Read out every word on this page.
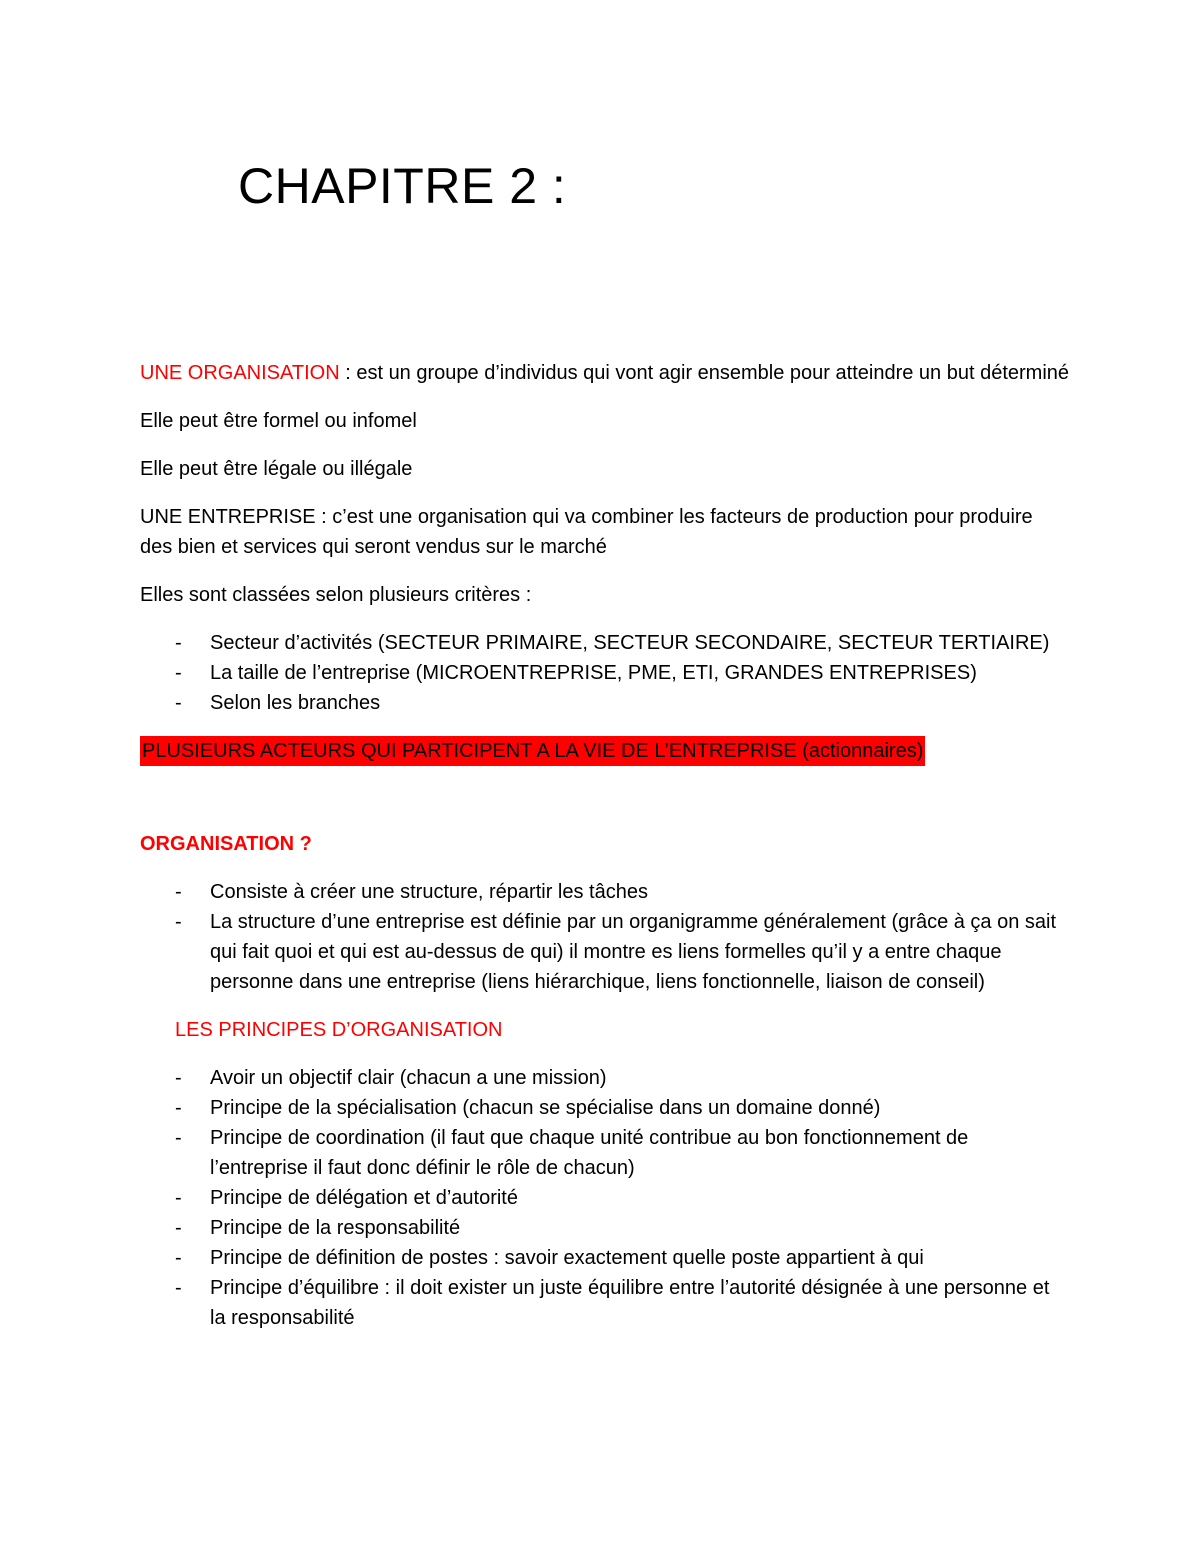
CHAPITRE 2 :

UNE ORGANISATION : est un groupe d’individus qui vont agir ensemble pour atteindre un but déterminé

Elle peut être formel ou infomel

Elle peut être légale ou illégale

UNE ENTREPRISE : c’est une organisation qui va combiner les facteurs de production pour produire des bien et services qui seront vendus sur le marché

Elles sont classées selon plusieurs critères :

- Secteur d’activités (SECTEUR PRIMAIRE, SECTEUR SECONDAIRE, SECTEUR TERTIAIRE)
- La taille de l’entreprise (MICROENTREPRISE, PME, ETI, GRANDES ENTREPRISES)
- Selon les branches

PLUSIEURS ACTEURS QUI PARTICIPENT A LA VIE DE L’ENTREPRISE (actionnaires)

ORGANISATION ?

- Consiste à créer une structure, répartir les tâches
- La structure d’une entreprise est définie par un organigramme généralement (grâce à ça on sait qui fait quoi et qui est au-dessus de qui) il montre es liens formelles qu’il y a entre chaque personne dans une entreprise (liens hiérarchique, liens fonctionnelle, liaison de conseil)

LES PRINCIPES D’ORGANISATION

- Avoir un objectif clair (chacun a une mission)
- Principe de la spécialisation (chacun se spécialise dans un domaine donné)
- Principe de coordination (il faut que chaque unité contribue au bon fonctionnement de l’entreprise il faut donc définir le rôle de chacun)
- Principe de délégation et d’autorité
- Principe de la responsabilité
- Principe de définition de postes : savoir exactement quelle poste appartient à qui
- Principe d’équilibre : il doit exister un juste équilibre entre l’autorité désignée à une personne et la responsabilité
